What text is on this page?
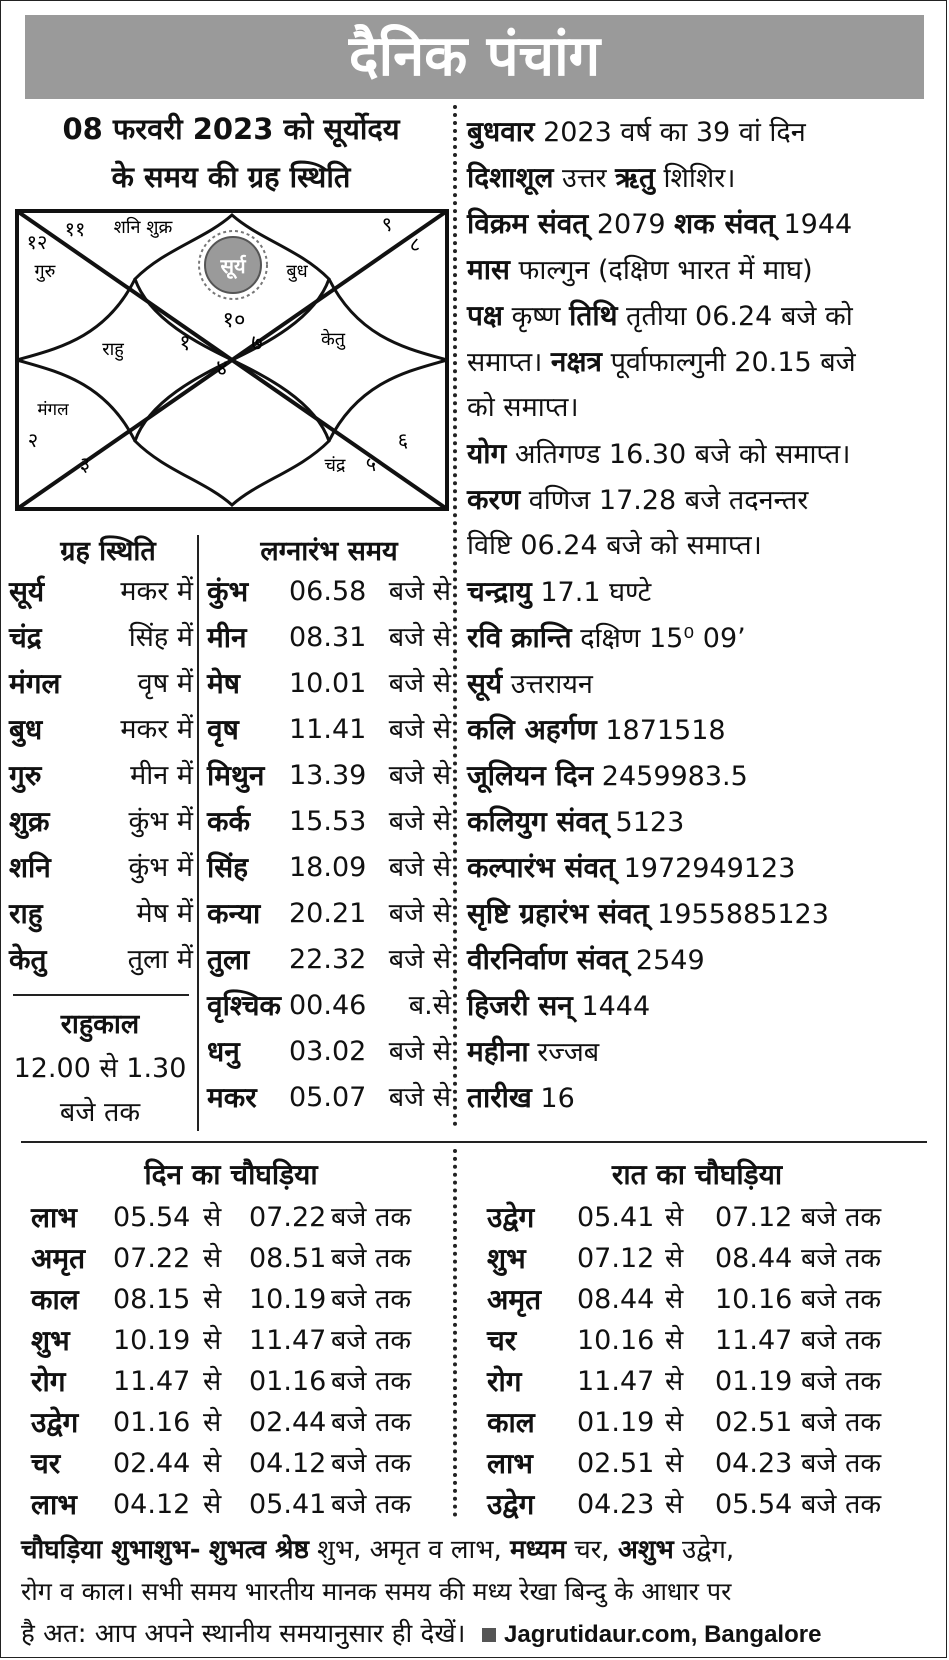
दैनिक पंचांग
08 फरवरी 2023 को सूर्योदय
के समय की ग्रह स्थिति
सूर्य
१०
११
१२
१
२
३
४
५
६
७
८
९
शनि शुक्र
गुरु	बुध
राहु	केतु
मंगल
चंद्र
ग्रह स्थिति	लग्नारंभ समय
सूर्य	मकर में
चंद्र	सिंह में
मंगल	वृष में
बुध	मकर में
गुरु	मीन में
शुक्र	कुंभ में
शनि	कुंभ में
राहु	मेष में
केतु	तुला में
राहुकाल
12.00 से 1.30
बजे तक
कुंभ 06.58 बजे से
मीन 08.31 बजे से
मेष 10.01 बजे से
वृष 11.41 बजे से
मिथुन 13.39 बजे से
कर्क 15.53 बजे से
सिंह 18.09 बजे से
कन्या 20.21 बजे से
तुला 22.32 बजे से
वृश्चिक 00.46 ब.से
धनु 03.02 बजे से
मकर 05.07 बजे से
बुधवार 2023 वर्ष का 39 वां दिन
दिशाशूल उत्तर ऋतु शिशिर।
विक्रम संवत् 2079 शक संवत् 1944
मास फाल्गुन (दक्षिण भारत में माघ)
पक्ष कृष्ण तिथि तृतीया 06.24 बजे को
समाप्त। नक्षत्र पूर्वाफाल्गुनी 20.15 बजे
को समाप्त।
योग अतिगण्ड 16.30 बजे को समाप्त।
करण वणिज 17.28 बजे तदनन्तर
विष्टि 06.24 बजे को समाप्त।
चन्द्रायु 17.1 घण्टे
रवि क्रान्ति दक्षिण 15⁰ 09’
सूर्य उत्तरायन
कलि अहर्गण 1871518
जूलियन दिन 2459983.5
कलियुग संवत् 5123
कल्पारंभ संवत् 1972949123
सृष्टि ग्रहारंभ संवत् 1955885123
वीरनिर्वाण संवत् 2549
हिजरी सन् 1444
महीना रज्जब
तारीख 16
दिन का चौघड़िया	रात का चौघड़िया
लाभ 05.54 से 07.22 बजे तक
अमृत 07.22 से 08.51 बजे तक
काल 08.15 से 10.19 बजे तक
शुभ 10.19 से 11.47 बजे तक
रोग 11.47 से 01.16 बजे तक
उद्वेग 01.16 से 02.44 बजे तक
चर 02.44 से 04.12 बजे तक
लाभ 04.12 से 05.41 बजे तक
उद्वेग 05.41 से 07.12 बजे तक
शुभ 07.12 से 08.44 बजे तक
अमृत 08.44 से 10.16 बजे तक
चर 10.16 से 11.47 बजे तक
रोग 11.47 से 01.19 बजे तक
काल 01.19 से 02.51 बजे तक
लाभ 02.51 से 04.23 बजे तक
उद्वेग 04.23 से 05.54 बजे तक
चौघड़िया शुभाशुभ- शुभत्व श्रेष्ठ शुभ, अमृत व लाभ, मध्यम चर, अशुभ उद्वेग,
रोग व काल। सभी समय भारतीय मानक समय की मध्य रेखा बिन्दु के आधार पर
है अत: आप अपने स्थानीय समयानुसार ही देखें। Jagrutidaur.com, Bangalore
